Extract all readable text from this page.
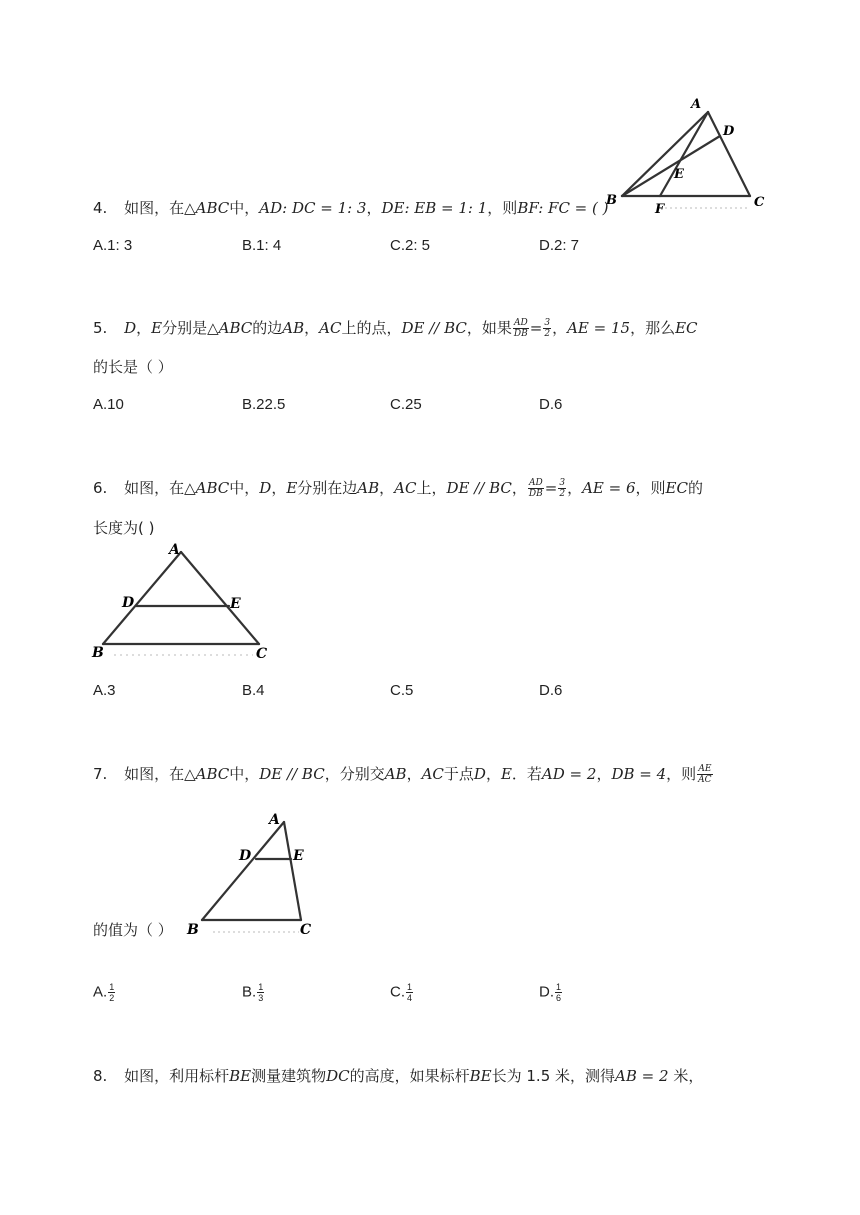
A
D
E
B
F	C
4. 如图，在△ABC中，AD: DC = 1: 3，DE: EB = 1: 1，则BF: FC = ( )
A.1: 3	B.1: 4	C.2: 5	D.2: 7
5. D，E分别是△ABC的边AB，AC上的点，DE // BC，如果 $\frac{AD}{DB} = \frac{3}{2}$ ，AE = 15，那么EC
的长是（ ）
A.10	B.22.5	C.25	D.6
6. 如图，在△ABC中，D，E分别在边AB，AC上，DE // BC， $\frac{AD}{DB} = \frac{3}{2}$ ，AE = 6，则EC的
长度为( )
A
D	E
B	C
A.3	B.4	C.5	D.6
7. 如图，在△ABC中，DE // BC，分别交AB，AC于点D，E．若AD = 2，DB = 4，则 $\frac{AE}{AC}$
A
D	E
B	C
的值为（ ）
A. $\frac{1}{2}$	B. $\frac{1}{3}$	C. $\frac{1}{4}$	D. $\frac{1}{6}$
8. 如图，利用标杆BE测量建筑物DC的高度，如果标杆BE长为 1.5 米，测得AB = 2 米，
